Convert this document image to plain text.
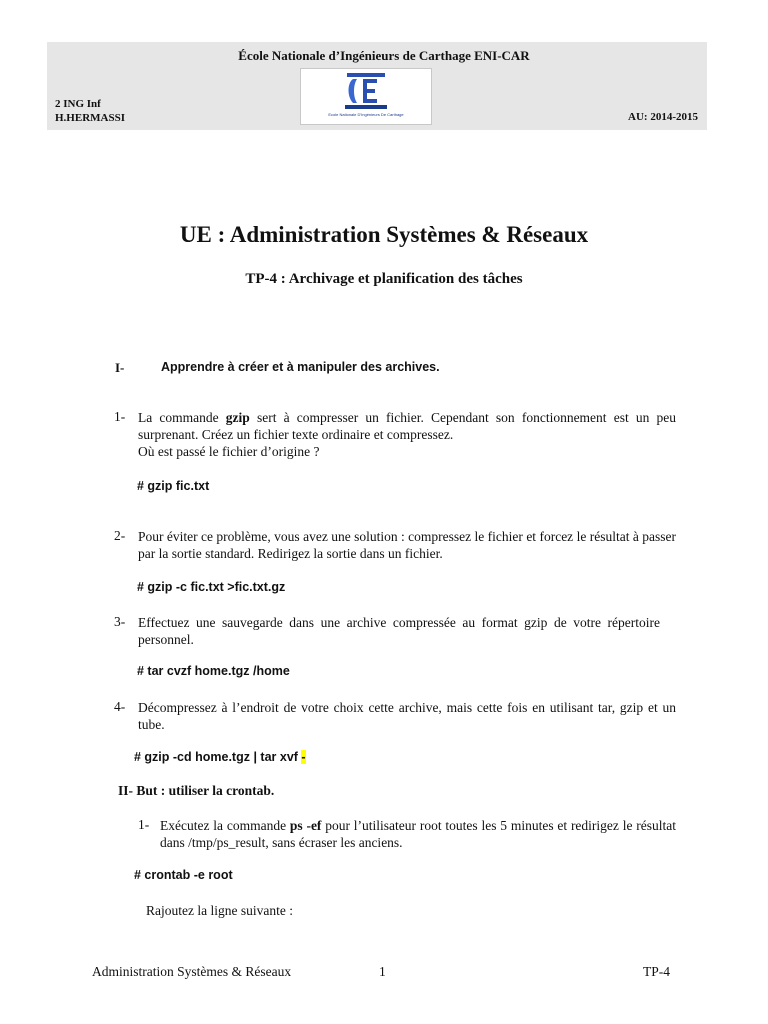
École Nationale d’Ingénieurs de Carthage ENI-CAR
Ecole Nationale D'Ingénieurs De Carthage
2 ING Inf
H.HERMASSI	AU: 2014-2015
UE : Administration Systèmes & Réseaux
TP-4 : Archivage et planification des tâches
I-	Apprendre à créer et à manipuler des archives.
1- La commande gzip sert à compresser un fichier. Cependant son fonctionnement est un peu surprenant. Créez un fichier texte ordinaire et compressez.
Où est passé le fichier d’origine ?
# gzip fic.txt
2- Pour éviter ce problème, vous avez une solution : compressez le fichier et forcez le résultat à passer par la sortie standard. Redirigez la sortie dans un fichier.
# gzip -c fic.txt >fic.txt.gz
3- Effectuez une sauvegarde dans une archive compressée au format gzip de votre répertoire personnel.
# tar cvzf home.tgz /home
4- Décompressez à l’endroit de votre choix cette archive, mais cette fois en utilisant tar, gzip et un tube.
# gzip -cd home.tgz | tar xvf -
II- But : utiliser la crontab.
1- Exécutez la commande ps -ef pour l’utilisateur root toutes les 5 minutes et redirigez le résultat dans /tmp/ps_result, sans écraser les anciens.
# crontab -e root
Rajoutez la ligne suivante :
Administration Systèmes & Réseaux	1	TP-4
